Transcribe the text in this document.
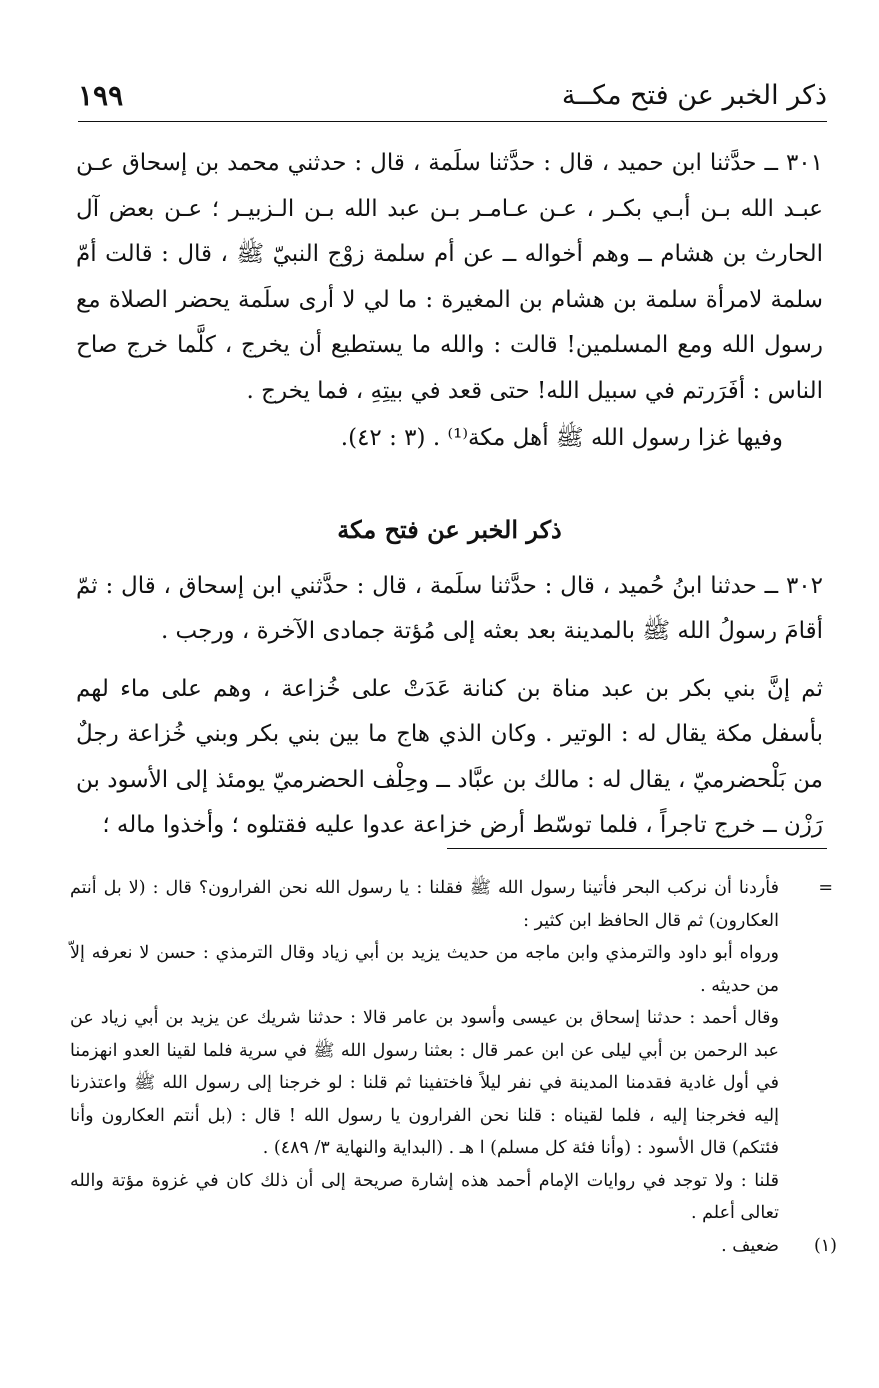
ذكر الخبر عن فتح مكــة
١٩٩

٣٠١ ــ حدَّثنا ابن حميد ، قال : حدَّثنا سلَمة ، قال : حدثني محمد بن إسحاق عـن عبـد الله بـن أبـي بكـر ، عـن عـامـر بـن عبد الله بـن الـزبيـر ؛ عـن بعض آل الحارث بن هشام ــ وهم أخواله ــ عن أم سلمة زوْج النبيّ ﷺ ، قال : قالت أمّ سلمة لامرأة سلمة بن هشام بن المغيرة : ما لي لا أرى سلَمة يحضر الصلاة مع رسول الله ومع المسلمين! قالت : والله ما يستطيع أن يخرج ، كلَّما خرج صاح الناس : أفَرَرتم في سبيل الله! حتى قعد في بيتِهِ ، فما يخرج .

وفيها غزا رسول الله ﷺ أهل مكة⁽¹⁾ . (٣ : ٤٢).

ذكر الخبر عن فتح مكة

٣٠٢ ــ حدثنا ابنُ حُميد ، قال : حدَّثنا سلَمة ، قال : حدَّثني ابن إسحاق ، قال : ثمّ أقامَ رسولُ الله ﷺ بالمدينة بعد بعثه إلى مُؤتة جمادى الآخرة ، ورجب .

ثم إنَّ بني بكر بن عبد مناة بن كنانة عَدَتْ على خُزاعة ، وهم على ماء لهم بأسفل مكة يقال له : الوتير . وكان الذي هاج ما بين بني بكر وبني خُزاعة رجلٌ من بَلْحضرميّ ، يقال له : مالك بن عبَّاد ــ وحِلْف الحضرميّ يومئذ إلى الأسود بن رَزْن ــ خرج تاجراً ، فلما توسّط أرض خزاعة عدوا عليه فقتلوه ؛ وأخذوا ماله ؛

= فأردنا أن نركب البحر فأتينا رسول الله ﷺ فقلنا : يا رسول الله نحن الفرارون؟ قال : (لا بل أنتم العكارون) ثم قال الحافظ ابن كثير :

ورواه أبو داود والترمذي وابن ماجه من حديث يزيد بن أبي زياد وقال الترمذي : حسن لا نعرفه إلاّ من حديثه .

وقال أحمد : حدثنا إسحاق بن عيسى وأسود بن عامر قالا : حدثنا شريك عن يزيد بن أبي زياد عن عبد الرحمن بن أبي ليلى عن ابن عمر قال : بعثنا رسول الله ﷺ في سرية فلما لقينا العدو انهزمنا في أول غادية فقدمنا المدينة في نفر ليلاً فاختفينا ثم قلنا : لو خرجنا إلى رسول الله ﷺ واعتذرنا إليه فخرجنا إليه ، فلما لقيناه : قلنا نحن الفرارون يا رسول الله ! قال : (بل أنتم العكارون وأنا فئتكم) قال الأسود : (وأنا فئة كل مسلم) ا هـ . (البداية والنهاية ٣/ ٤٨٩) .

قلنا : ولا توجد في روايات الإمام أحمد هذه إشارة صريحة إلى أن ذلك كان في غزوة مؤتة والله تعالى أعلم .

(١)
ضعيف .
